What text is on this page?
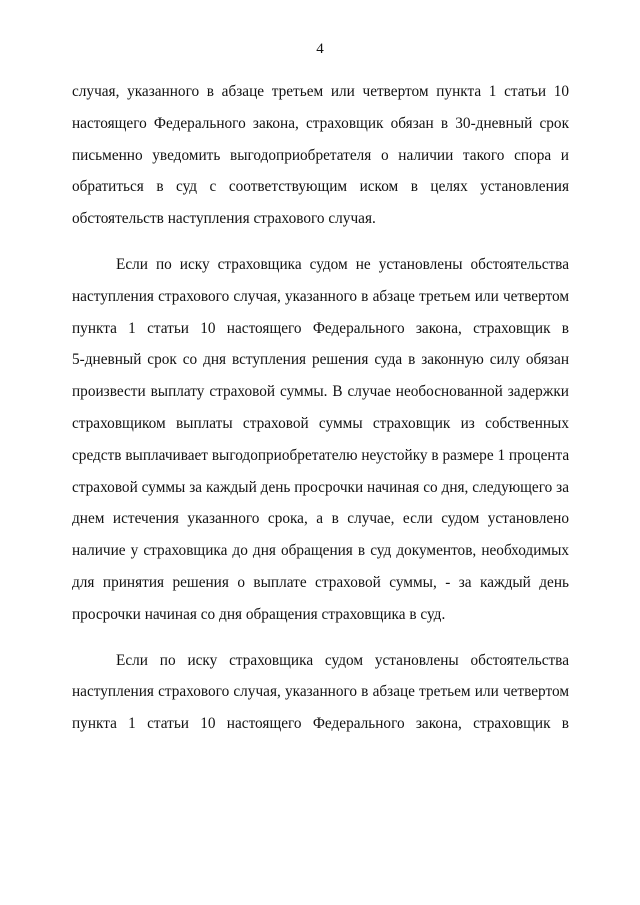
4

случая, указанного в абзаце третьем или четвертом пункта 1 статьи 10
настоящего Федерального закона, страховщик обязан в 30-дневный срок
письменно уведомить выгодоприобретателя о наличии такого спора и
обратиться в суд с соответствующим иском в целях установления
обстоятельств наступления страхового случая.

Если по иску страховщика судом не установлены обстоятельства
наступления страхового случая, указанного в абзаце третьем или четвертом
пункта 1 статьи 10 настоящего Федерального закона, страховщик в
5-дневный срок со дня вступления решения суда в законную силу обязан
произвести выплату страховой суммы. В случае необоснованной задержки
страховщиком выплаты страховой суммы страховщик из собственных
средств выплачивает выгодоприобретателю неустойку в размере 1 процента
страховой суммы за каждый день просрочки начиная со дня, следующего за
днем истечения указанного срока, а в случае, если судом установлено
наличие у страховщика до дня обращения в суд документов, необходимых
для принятия решения о выплате страховой суммы, - за каждый день
просрочки начиная со дня обращения страховщика в суд.

Если по иску страховщика судом установлены обстоятельства
наступления страхового случая, указанного в абзаце третьем или четвертом
пункта 1 статьи 10 настоящего Федерального закона, страховщик в
